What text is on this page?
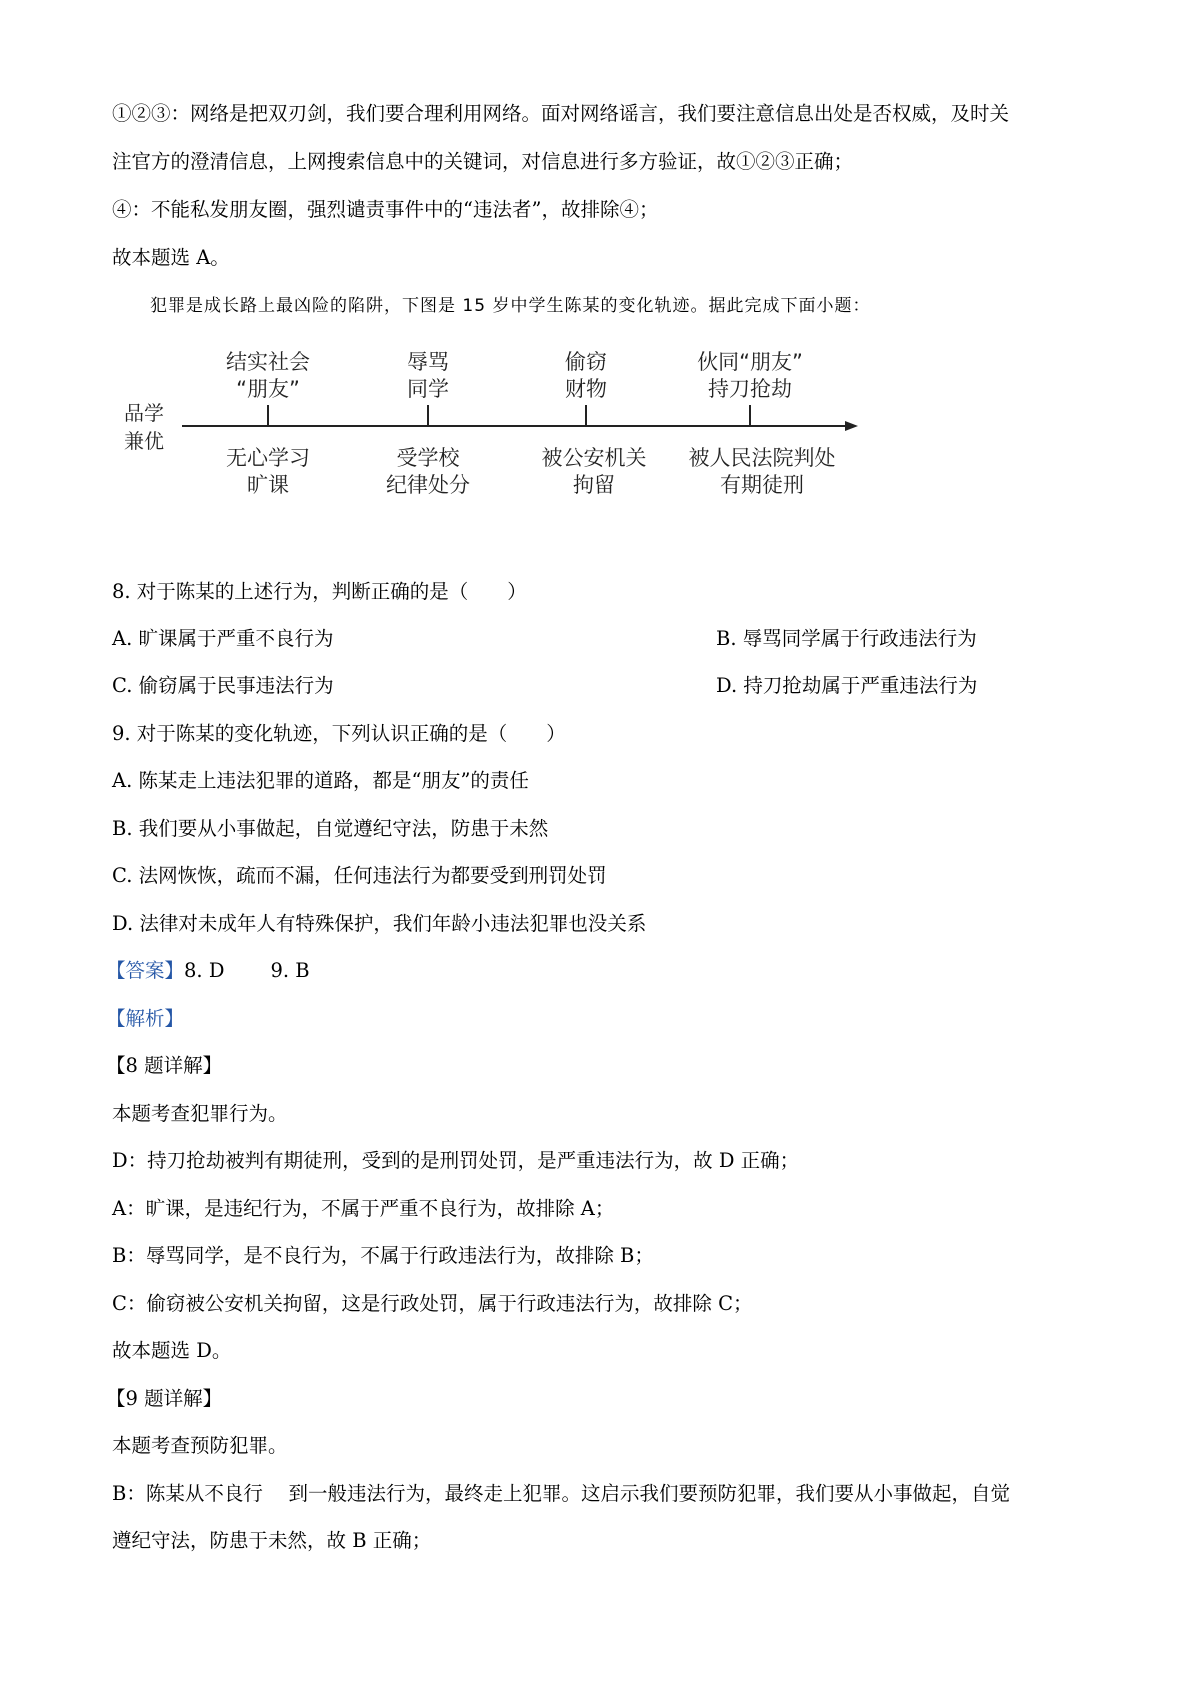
①②③：网络是把双刃剑，我们要合理利用网络。面对网络谣言，我们要注意信息出处是否权威，及时关
注官方的澄清信息，上网搜索信息中的关键词，对信息进行多方验证，故①②③正确；
④：不能私发朋友圈，强烈谴责事件中的“违法者”，故排除④；
故本题选 A。
犯罪是成长路上最凶险的陷阱，下图是 15 岁中学生陈某的变化轨迹。据此完成下面小题：
品学
兼优
结实社会
“朋友”
无心学习
旷课
辱骂
同学
受学校
纪律处分
偷窃
财物
被公安机关
拘留
伙同“朋友”
持刀抢劫
被人民法院判处
有期徒刑
8. 对于陈某的上述行为，判断正确的是（　　）
A. 旷课属于严重不良行为	B. 辱骂同学属于行政违法行为
C. 偷窃属于民事违法行为	D. 持刀抢劫属于严重违法行为
9. 对于陈某的变化轨迹，下列认识正确的是（　　）
A. 陈某走上违法犯罪的道路，都是“朋友”的责任
B. 我们要从小事做起，自觉遵纪守法，防患于未然
C. 法网恢恢，疏而不漏，任何违法行为都要受到刑罚处罚
D. 法律对未成年人有特殊保护，我们年龄小违法犯罪也没关系
【答案】8. D 9. B
【解析】
【8 题详解】
本题考查犯罪行为。
D：持刀抢劫被判有期徒刑，受到的是刑罚处罚，是严重违法行为，故 D 正确；
A：旷课，是违纪行为，不属于严重不良行为，故排除 A；
B：辱骂同学，是不良行为，不属于行政违法行为，故排除 B；
C：偷窃被公安机关拘留，这是行政处罚，属于行政违法行为，故排除 C；
故本题选 D。
【9 题详解】
本题考查预防犯罪。
B：陈某从不良行　 到一般违法行为，最终走上犯罪。这启示我们要预防犯罪，我们要从小事做起，自觉
遵纪守法，防患于未然，故 B 正确；
